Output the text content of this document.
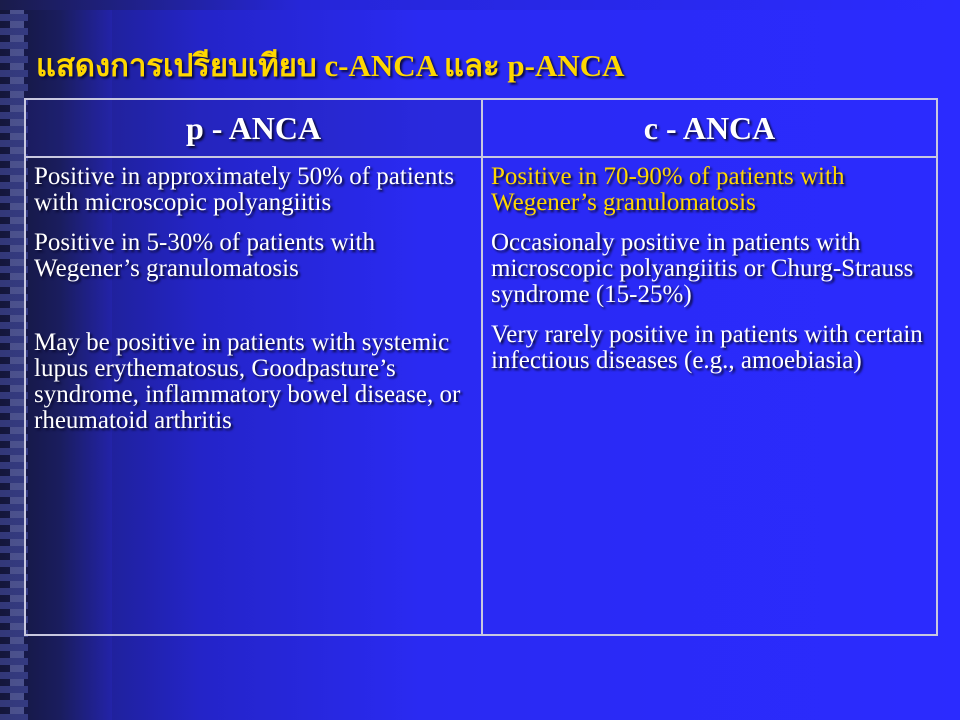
แสดงการเปรียบเทียบ c-ANCA และ p-ANCA
p - ANCA	c - ANCA

Positive in approximately 50% of patients with microscopic polyangiitis

Positive in 5-30% of patients with Wegener’s granulomatosis

May be positive in patients with systemic lupus erythematosus, Goodpasture’s syndrome, inflammatory bowel disease, or rheumatoid arthritis

Positive in 70-90% of patients with Wegener’s granulomatosis

Occasionaly positive in patients with microscopic polyangiitis or Churg-Strauss syndrome (15-25%)

Very rarely positive in patients with certain infectious diseases (e.g., amoebiasia)
